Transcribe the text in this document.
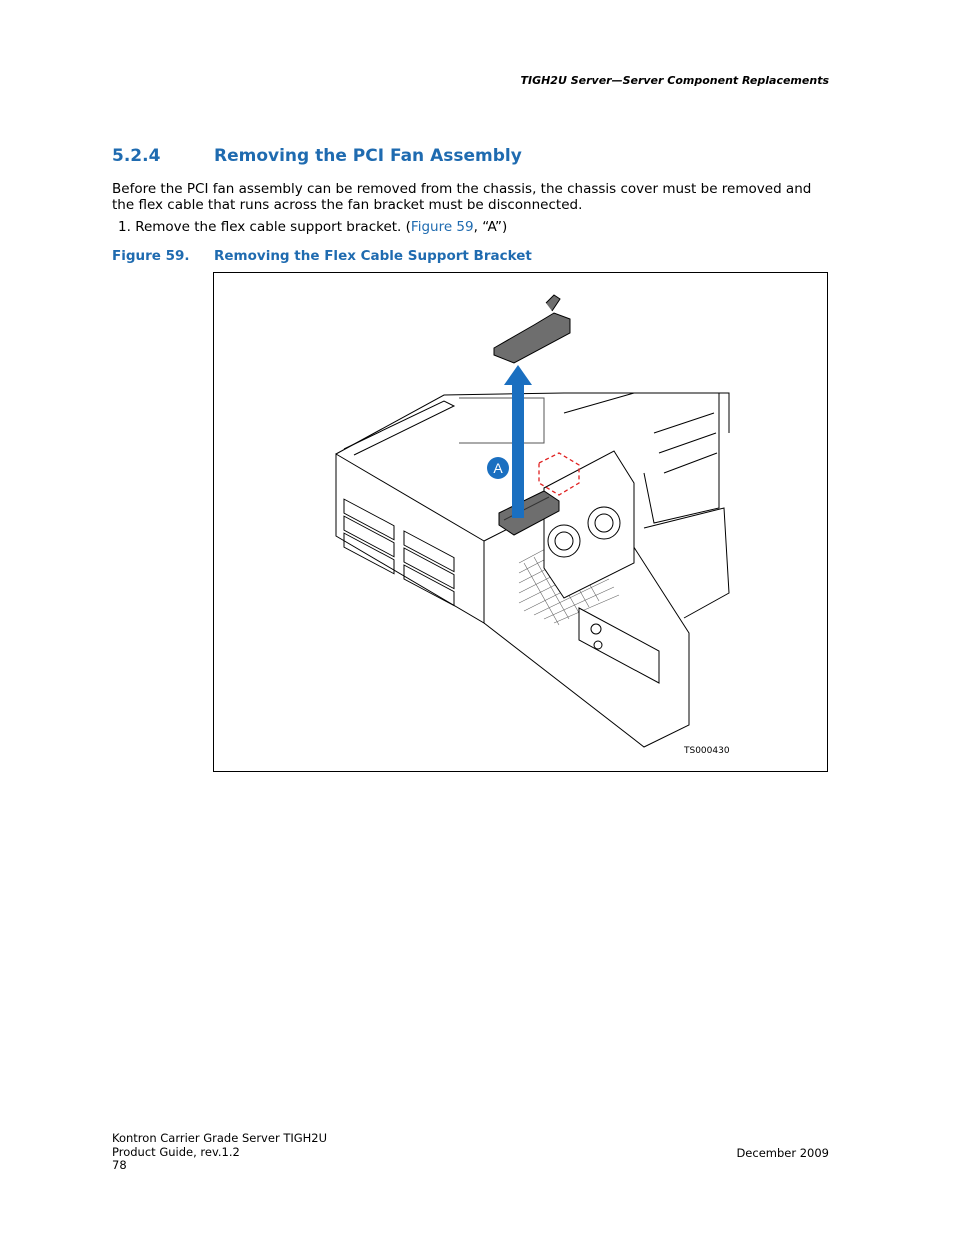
TIGH2U Server—Server Component Replacements
5.2.4	Removing the PCI Fan Assembly

Before the PCI fan assembly can be removed from the chassis, the chassis cover must be removed and the flex cable that runs across the fan bracket must be disconnected.

1. Remove the flex cable support bracket. (Figure 59, “A”)
Figure 59. Removing the Flex Cable Support Bracket
A
TS000430
Kontron Carrier Grade Server TIGH2U
Product Guide, rev.1.2
78
December 2009
